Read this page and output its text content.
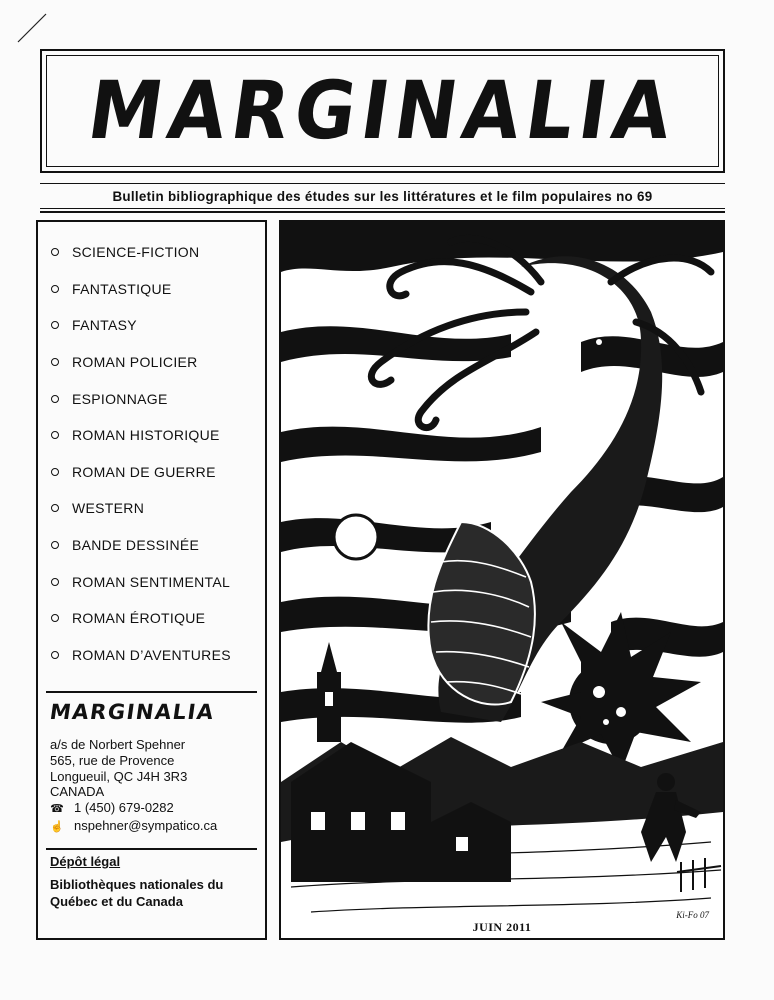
MARGINALIA
Bulletin bibliographique des études sur les littératures et le film populaires no 69
SCIENCE-FICTION
FANTASTIQUE
FANTASY
ROMAN POLICIER
ESPIONNAGE
ROMAN HISTORIQUE
ROMAN DE GUERRE
WESTERN
BANDE DESSINÉE
ROMAN SENTIMENTAL
ROMAN ÉROTIQUE
ROMAN D’AVENTURES
MARGINALIA
a/s de Norbert Spehner
565, rue de Provence
Longueuil, QC J4H 3R3
CANADA
☎ 1 (450) 679-0282
☝ nspehner@sympatico.ca
Dépôt légal
Bibliothèques nationales du
Québec et du Canada
Ki-Fo 07
JUIN 2011
